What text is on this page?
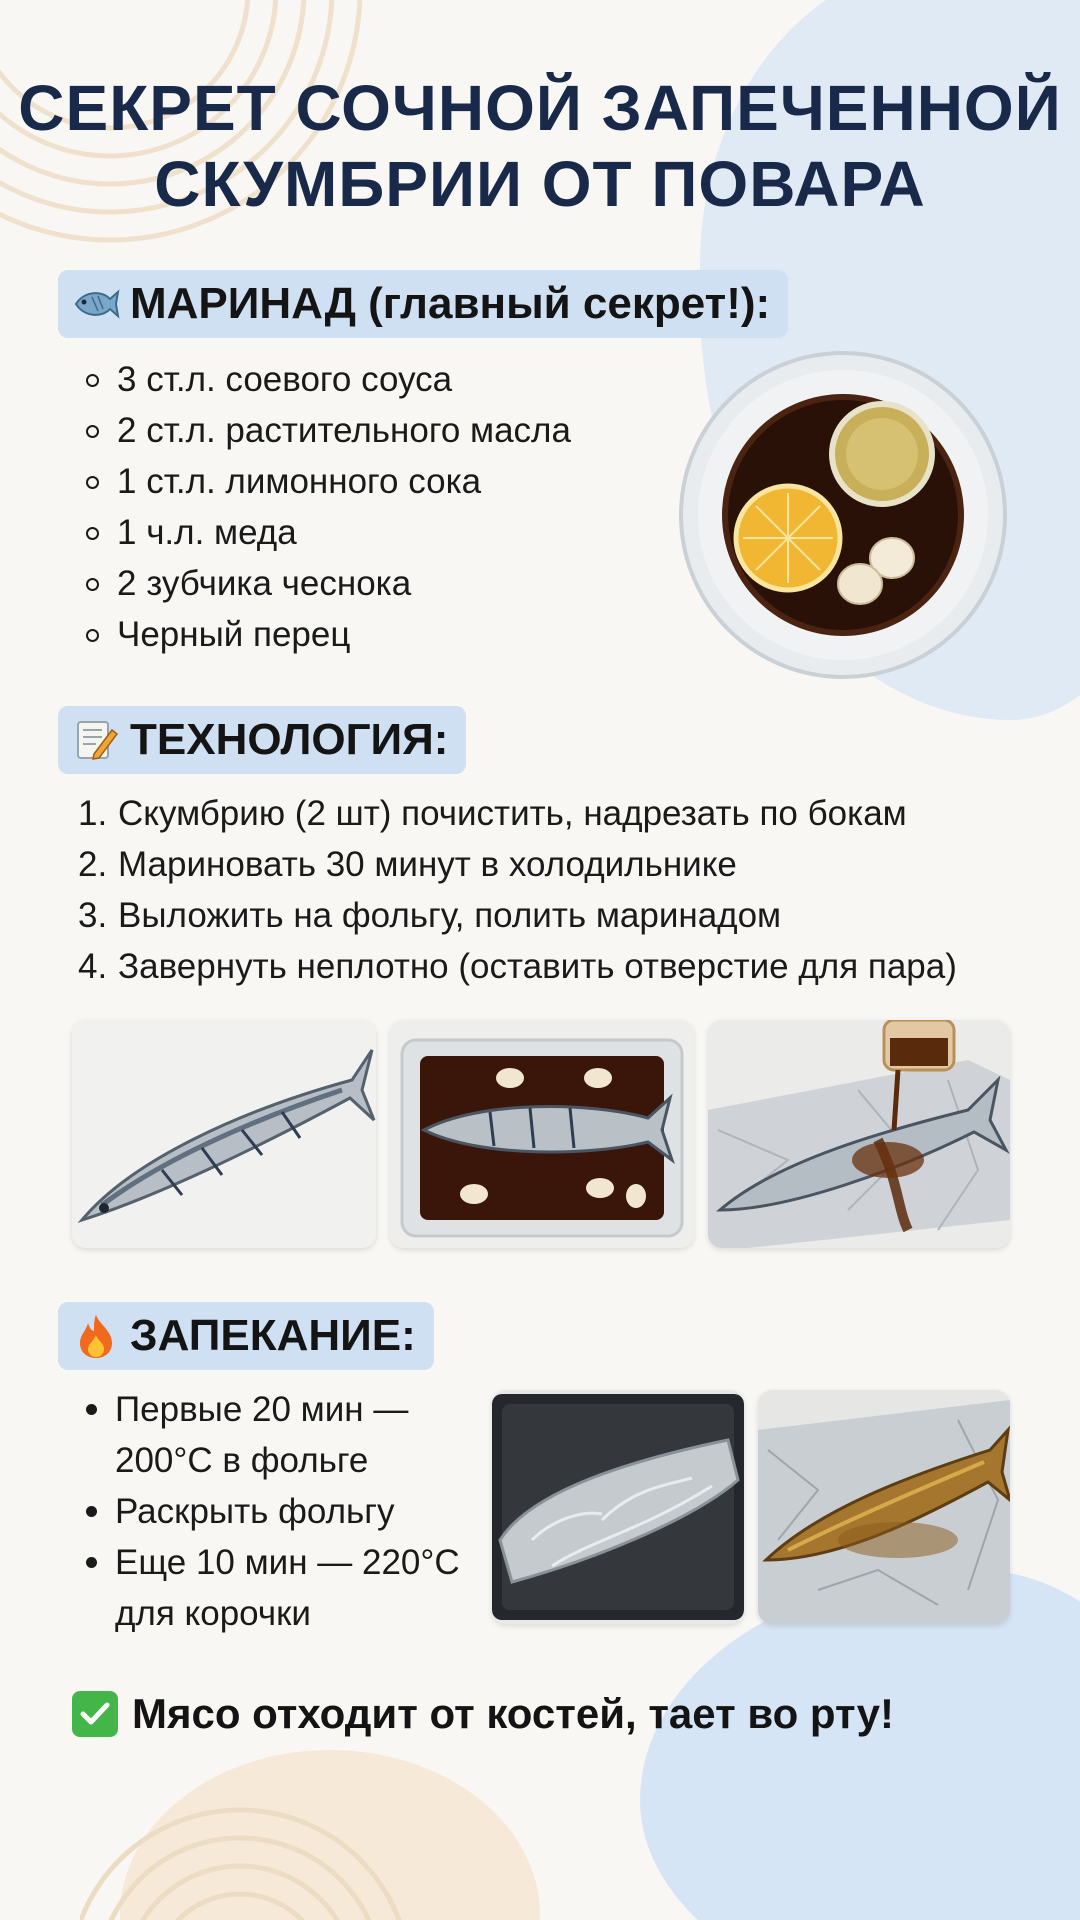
СЕКРЕТ СОЧНОЙ ЗАПЕЧЕННОЙ
СКУМБРИИ ОТ ПОВАРА
МАРИНАД (главный секрет!):
3 ст.л. соевого соуса
2 ст.л. растительного масла
1 ст.л. лимонного сока
1 ч.л. меда
2 зубчика чеснока
Черный перец
ТЕХНОЛОГИЯ:
1. Скумбрию (2 шт) почистить, надрезать по бокам
2. Мариновать 30 минут в холодильнике
3. Выложить на фольгу, полить маринадом
4. Завернуть неплотно (оставить отверстие для пара)
ЗАПЕКАНИЕ:
Первые 20 мин —
200°С в фольге
Раскрыть фольгу
Еще 10 мин — 220°С
для корочки
Мясо отходит от костей, тает во рту!
